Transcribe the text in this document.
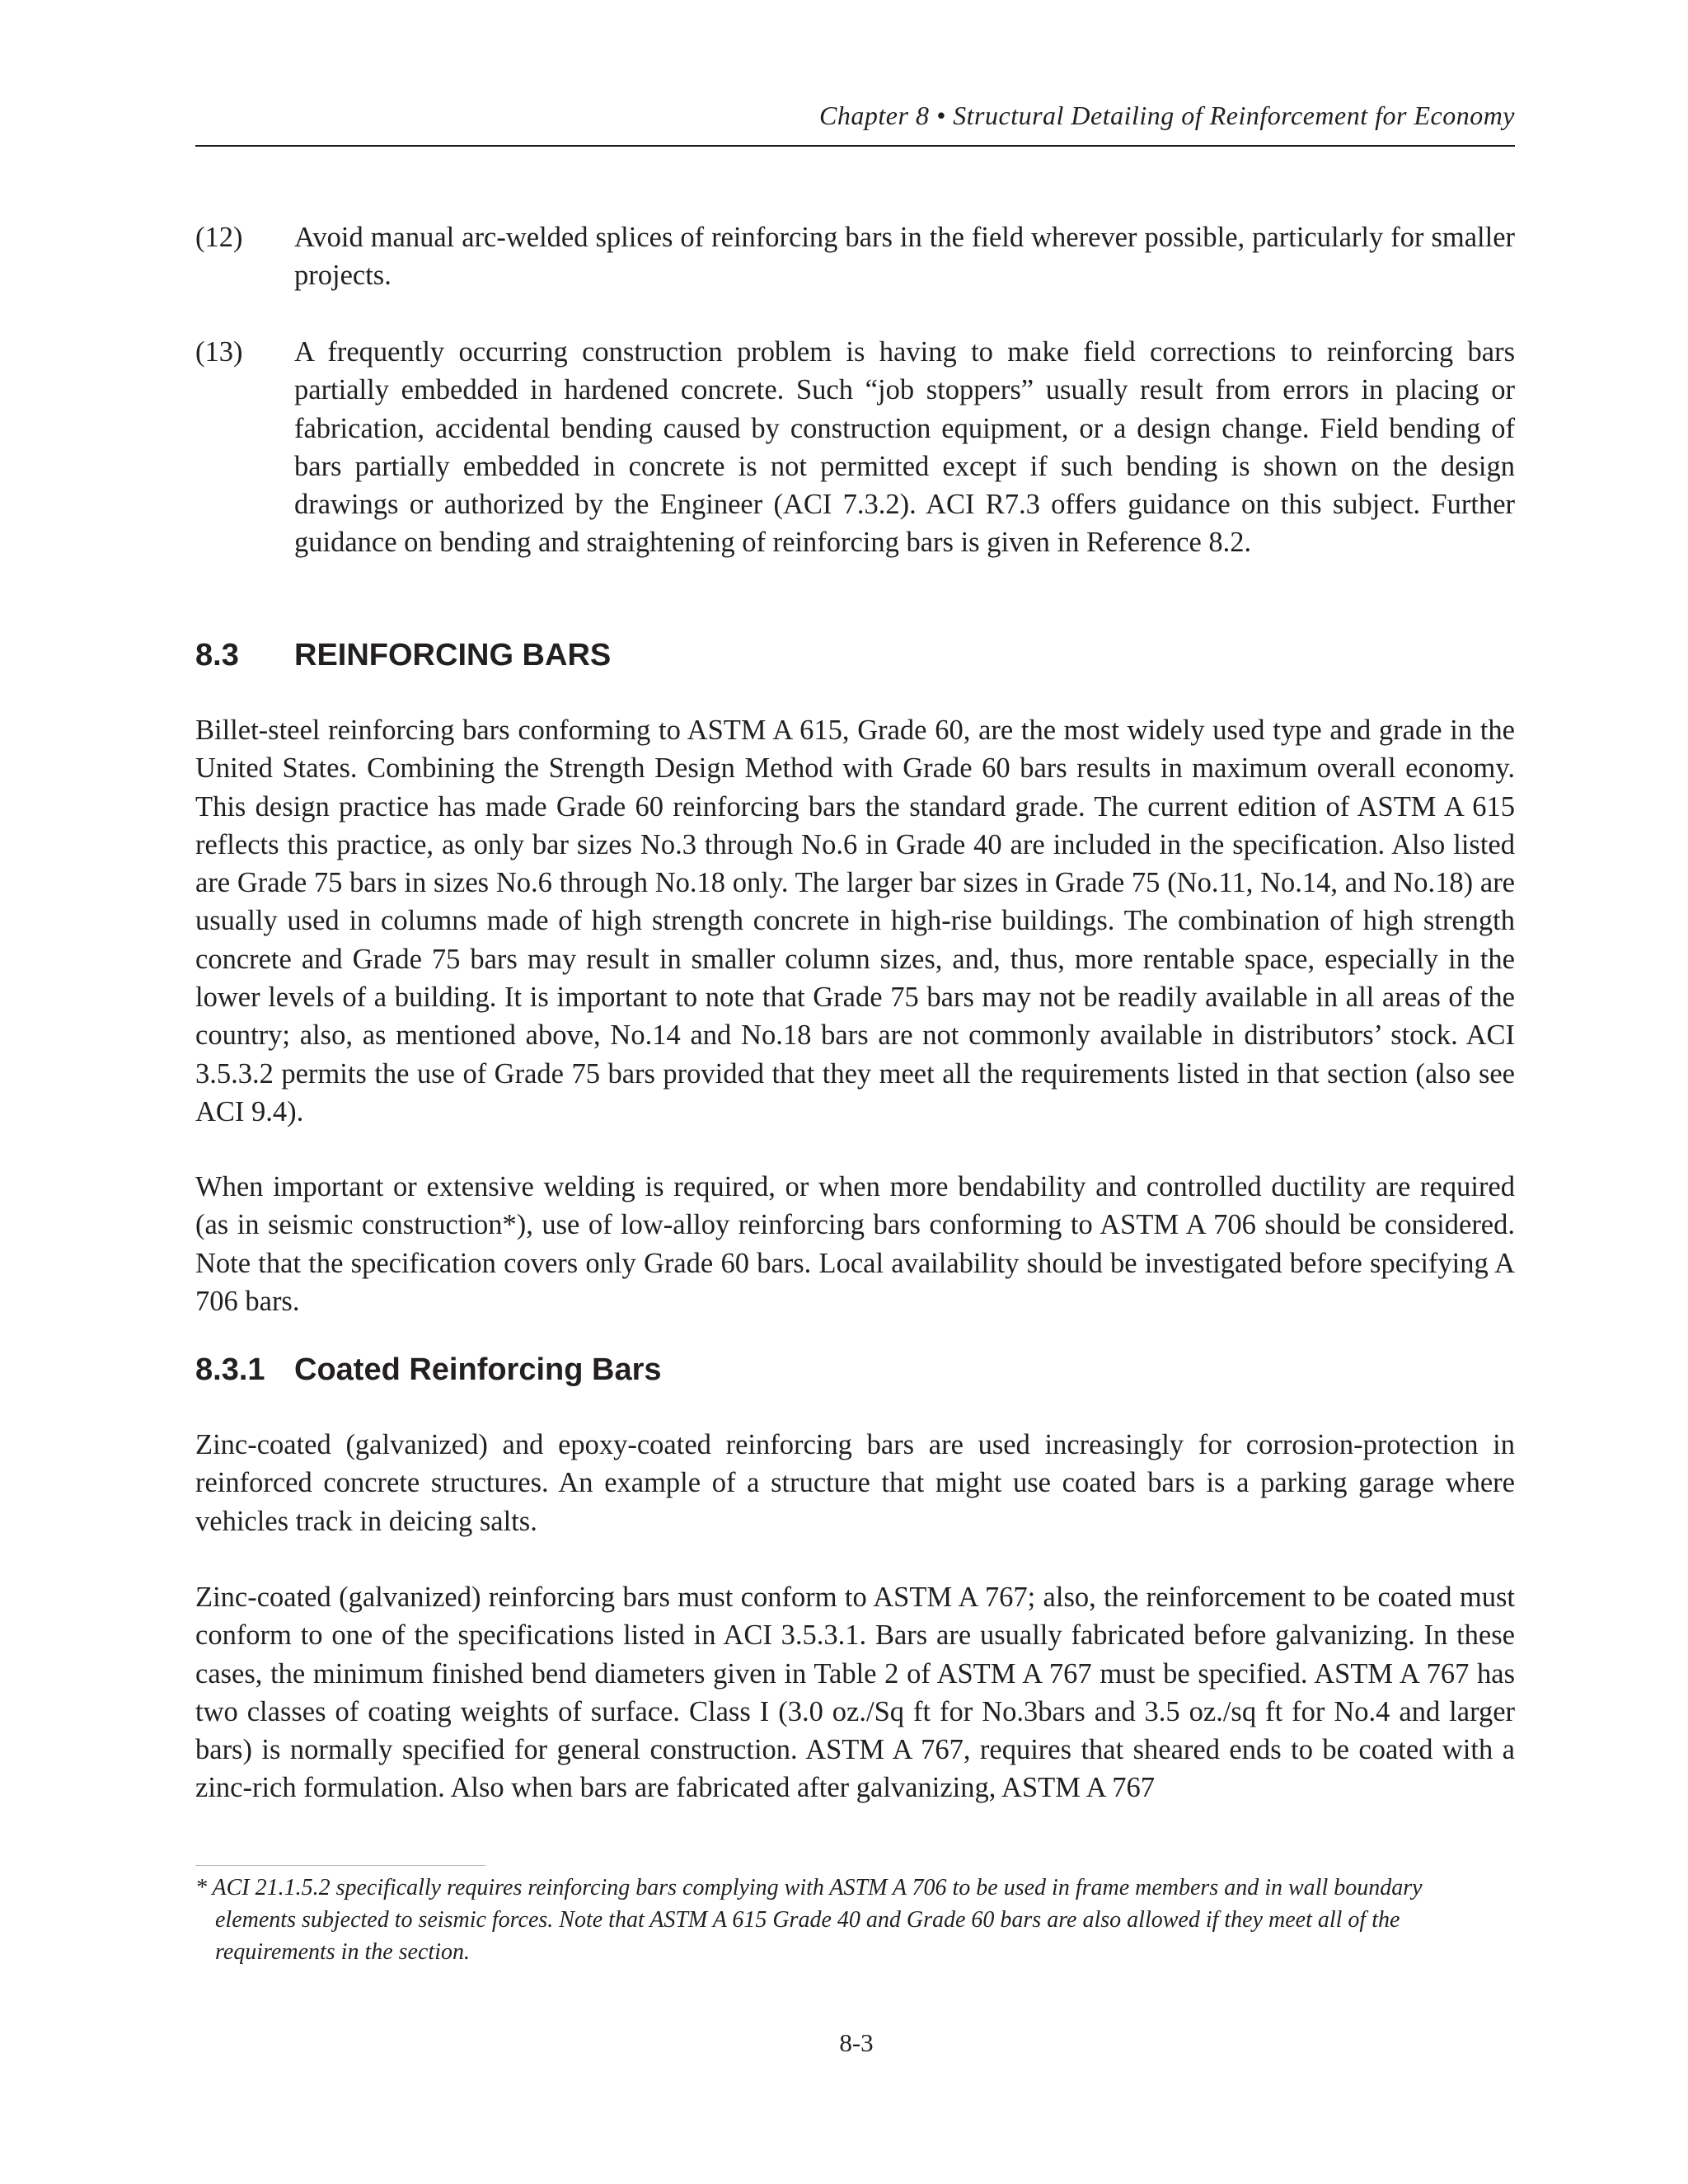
Chapter 8 • Structural Detailing of Reinforcement for Economy
(12) Avoid manual arc-welded splices of reinforcing bars in the field wherever possible, particularly for smaller projects.
(13) A frequently occurring construction problem is having to make field corrections to reinforcing bars partially embedded in hardened concrete. Such “job stoppers” usually result from errors in placing or fabrication, accidental bending caused by construction equipment, or a design change. Field bending of bars partially embedded in concrete is not permitted except if such bending is shown on the design drawings or authorized by the Engineer (ACI 7.3.2). ACI R7.3 offers guidance on this subject. Further guidance on bending and straightening of reinforcing bars is given in Reference 8.2.
8.3 REINFORCING BARS
Billet-steel reinforcing bars conforming to ASTM A 615, Grade 60, are the most widely used type and grade in the United States. Combining the Strength Design Method with Grade 60 bars results in maximum overall economy. This design practice has made Grade 60 reinforcing bars the standard grade. The current edition of ASTM A 615 reflects this practice, as only bar sizes No.3 through No.6 in Grade 40 are included in the specification. Also listed are Grade 75 bars in sizes No.6 through No.18 only. The larger bar sizes in Grade 75 (No.11, No.14, and No.18) are usually used in columns made of high strength concrete in high-rise buildings. The combination of high strength concrete and Grade 75 bars may result in smaller column sizes, and, thus, more rentable space, especially in the lower levels of a building. It is important to note that Grade 75 bars may not be readily available in all areas of the country; also, as mentioned above, No.14 and No.18 bars are not commonly available in distributors’ stock. ACI 3.5.3.2 permits the use of Grade 75 bars provided that they meet all the requirements listed in that section (also see ACI 9.4).
When important or extensive welding is required, or when more bendability and controlled ductility are required (as in seismic construction*), use of low-alloy reinforcing bars conforming to ASTM A 706 should be considered. Note that the specification covers only Grade 60 bars. Local availability should be investigated before specifying A 706 bars.
8.3.1 Coated Reinforcing Bars
Zinc-coated (galvanized) and epoxy-coated reinforcing bars are used increasingly for corrosion-protection in reinforced concrete structures. An example of a structure that might use coated bars is a parking garage where vehicles track in deicing salts.
Zinc-coated (galvanized) reinforcing bars must conform to ASTM A 767; also, the reinforcement to be coated must conform to one of the specifications listed in ACI 3.5.3.1. Bars are usually fabricated before galvanizing. In these cases, the minimum finished bend diameters given in Table 2 of ASTM A 767 must be specified. ASTM A 767 has two classes of coating weights of surface. Class I (3.0 oz./Sq ft for No.3bars and 3.5 oz./sq ft for No.4 and larger bars) is normally specified for general construction. ASTM A 767, requires that sheared ends to be coated with a zinc-rich formulation. Also when bars are fabricated after galvanizing, ASTM A 767
* ACI 21.1.5.2 specifically requires reinforcing bars complying with ASTM A 706 to be used in frame members and in wall boundary elements subjected to seismic forces. Note that ASTM A 615 Grade 40 and Grade 60 bars are also allowed if they meet all of the requirements in the section.
8-3
